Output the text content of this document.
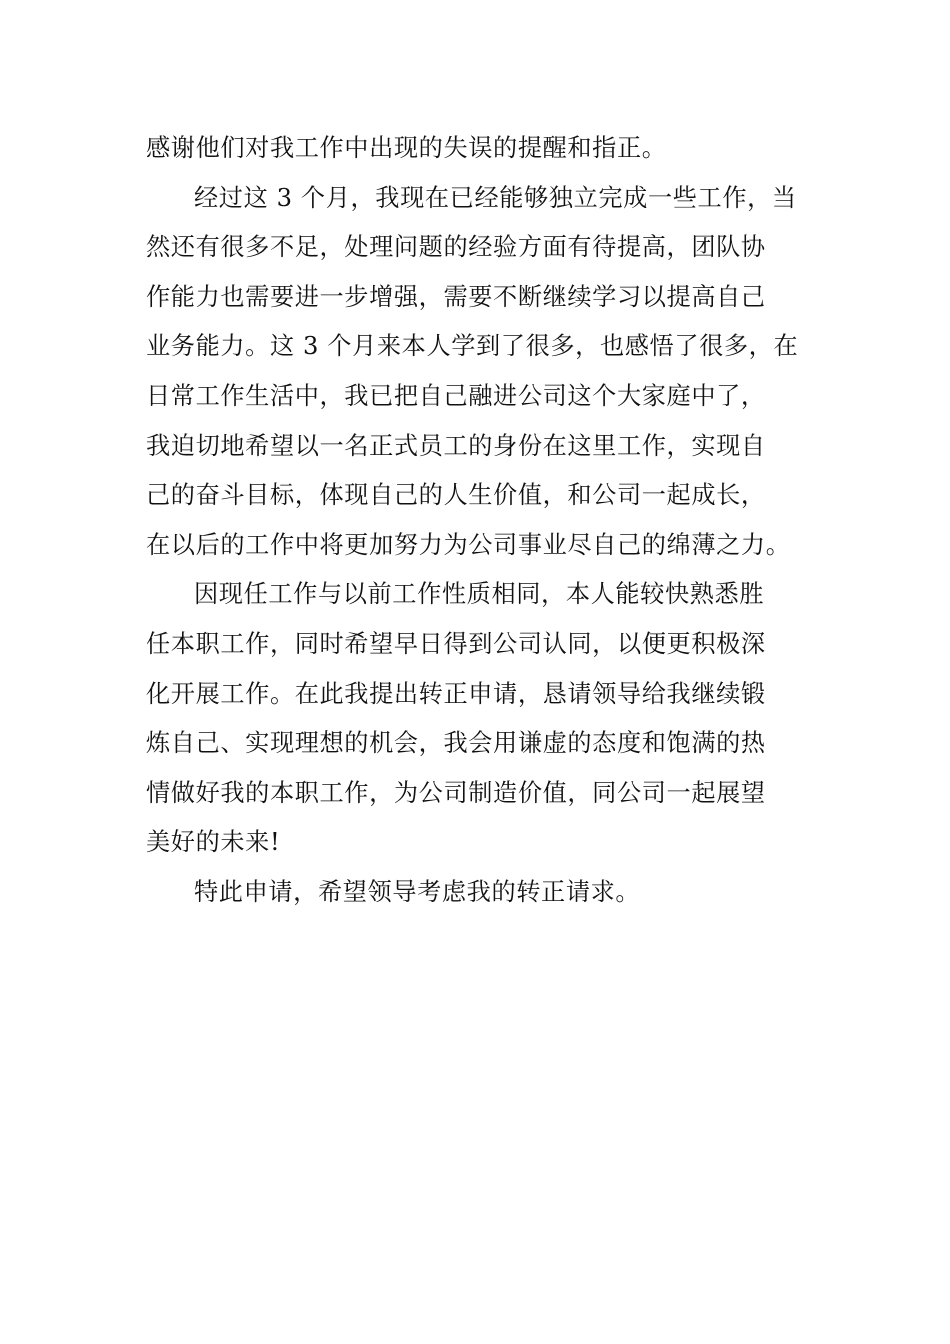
感谢他们对我工作中出现的失误的提醒和指正。
经过这 3 个月，我现在已经能够独立完成一些工作，当
然还有很多不足，处理问题的经验方面有待提高，团队协
作能力也需要进一步增强，需要不断继续学习以提高自己
业务能力。这 3 个月来本人学到了很多，也感悟了很多，在
日常工作生活中，我已把自己融进公司这个大家庭中了，
我迫切地希望以一名正式员工的身份在这里工作，实现自
己的奋斗目标，体现自己的人生价值，和公司一起成长，
在以后的工作中将更加努力为公司事业尽自己的绵薄之力。
因现任工作与以前工作性质相同，本人能较快熟悉胜
任本职工作，同时希望早日得到公司认同，以便更积极深
化开展工作。在此我提出转正申请，恳请领导给我继续锻
炼自己、实现理想的机会，我会用谦虚的态度和饱满的热
情做好我的本职工作，为公司制造价值，同公司一起展望
美好的未来!
特此申请，希望领导考虑我的转正请求。
